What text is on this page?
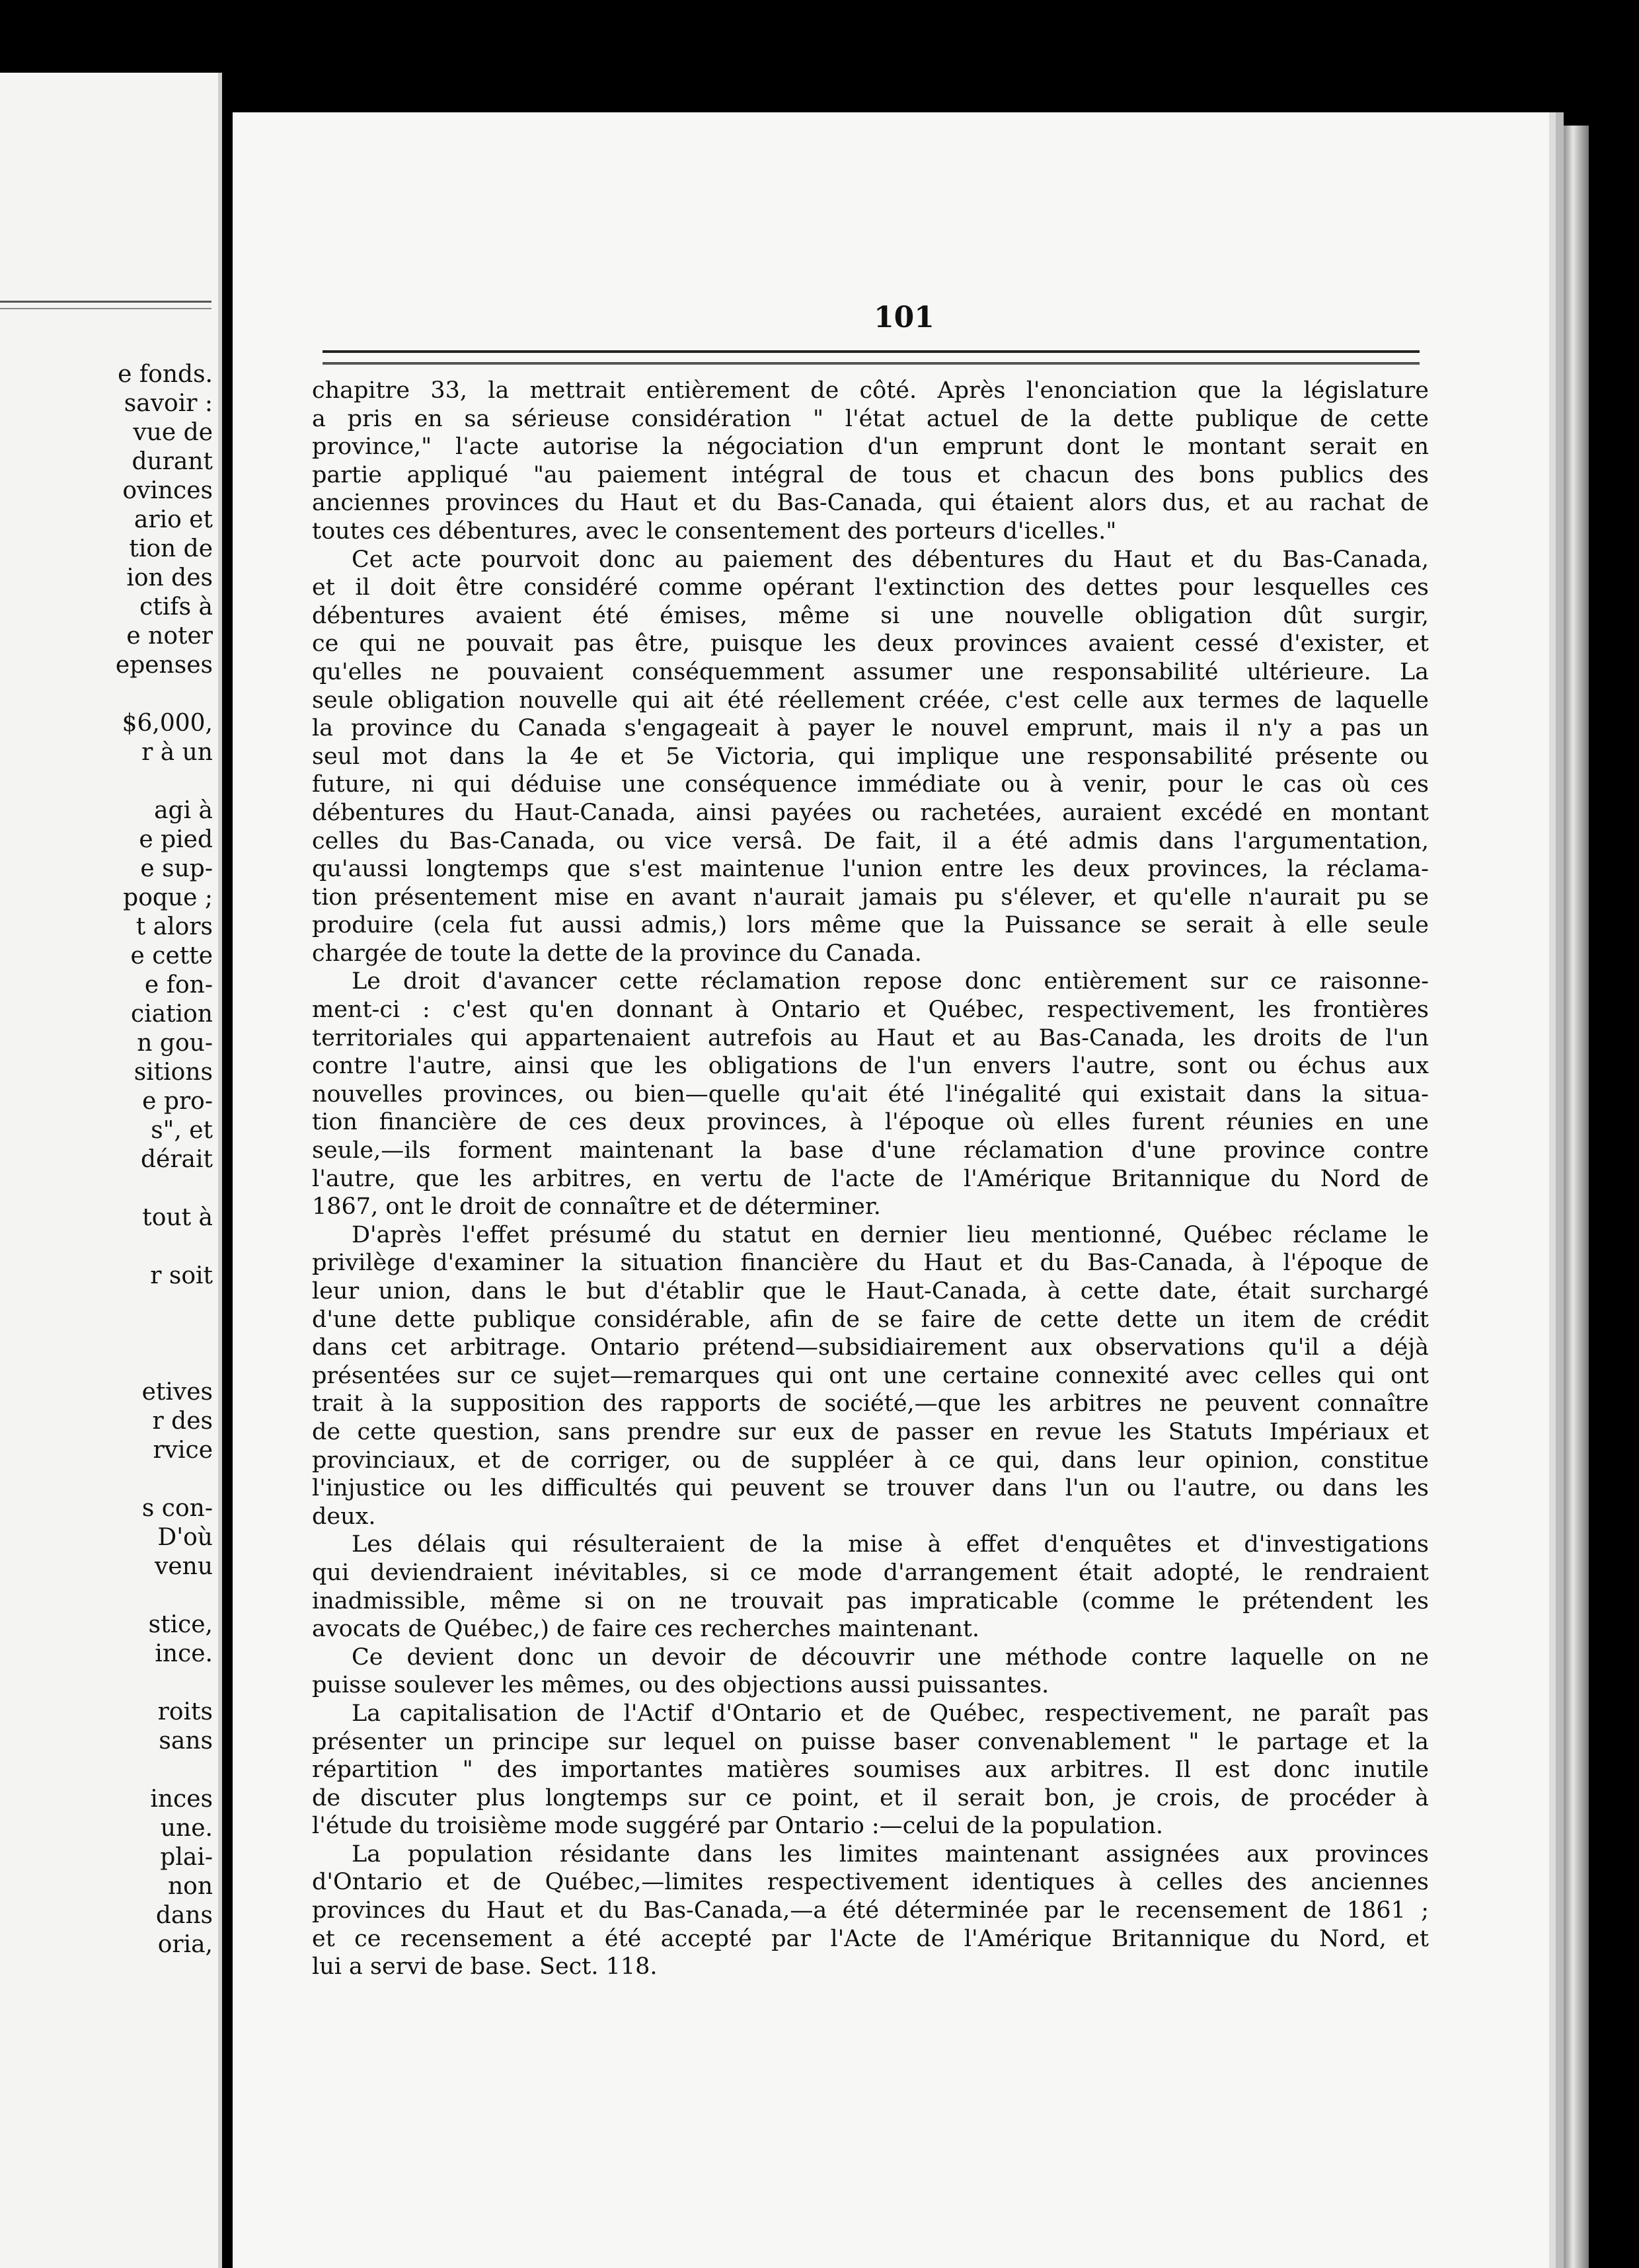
e fonds.
savoir :
vue de
durant
ovinces
ario et
tion de
ion des
ctifs à
e noter
epenses
$6,000,
r à un
agi à
e pied
e sup-
poque ;
t alors
e cette
e fon-
ciation
n gou-
sitions
e pro-
s", et
dérait
tout à
r soit
etives
r des
rvice
s con-
D'où
venu
stice,
ince.
roits
sans
inces
une.
plai-
non
dans
oria,
101

chapitre 33, la mettrait entièrement de côté. Après l'enonciation que la législature
a pris en sa sérieuse considération " l'état actuel de la dette publique de cette
province," l'acte autorise la négociation d'un emprunt dont le montant serait en
partie appliqué "au paiement intégral de tous et chacun des bons publics des
anciennes provinces du Haut et du Bas-Canada, qui étaient alors dus, et au rachat de
toutes ces débentures, avec le consentement des porteurs d'icelles."

Cet acte pourvoit donc au paiement des débentures du Haut et du Bas-Canada,
et il doit être considéré comme opérant l'extinction des dettes pour lesquelles ces
débentures avaient été émises, même si une nouvelle obligation dût surgir,
ce qui ne pouvait pas être, puisque les deux provinces avaient cessé d'exister, et
qu'elles ne pouvaient conséquemment assumer une responsabilité ultérieure. La
seule obligation nouvelle qui ait été réellement créée, c'est celle aux termes de laquelle
la province du Canada s'engageait à payer le nouvel emprunt, mais il n'y a pas un
seul mot dans la 4e et 5e Victoria, qui implique une responsabilité présente ou
future, ni qui déduise une conséquence immédiate ou à venir, pour le cas où ces
débentures du Haut-Canada, ainsi payées ou rachetées, auraient excédé en montant
celles du Bas-Canada, ou vice versâ. De fait, il a été admis dans l'argumentation,
qu'aussi longtemps que s'est maintenue l'union entre les deux provinces, la réclama-
tion présentement mise en avant n'aurait jamais pu s'élever, et qu'elle n'aurait pu se
produire (cela fut aussi admis,) lors même que la Puissance se serait à elle seule
chargée de toute la dette de la province du Canada.

Le droit d'avancer cette réclamation repose donc entièrement sur ce raisonne-
ment-ci : c'est qu'en donnant à Ontario et Québec, respectivement, les frontières
territoriales qui appartenaient autrefois au Haut et au Bas-Canada, les droits de l'un
contre l'autre, ainsi que les obligations de l'un envers l'autre, sont ou échus aux
nouvelles provinces, ou bien—quelle qu'ait été l'inégalité qui existait dans la situa-
tion financière de ces deux provinces, à l'époque où elles furent réunies en une
seule,—ils forment maintenant la base d'une réclamation d'une province contre
l'autre, que les arbitres, en vertu de l'acte de l'Amérique Britannique du Nord de
1867, ont le droit de connaître et de déterminer.

D'après l'effet présumé du statut en dernier lieu mentionné, Québec réclame le
privilège d'examiner la situation financière du Haut et du Bas-Canada, à l'époque de
leur union, dans le but d'établir que le Haut-Canada, à cette date, était surchargé
d'une dette publique considérable, afin de se faire de cette dette un item de crédit
dans cet arbitrage. Ontario prétend—subsidiairement aux observations qu'il a déjà
présentées sur ce sujet—remarques qui ont une certaine connexité avec celles qui ont
trait à la supposition des rapports de société,—que les arbitres ne peuvent connaître
de cette question, sans prendre sur eux de passer en revue les Statuts Impériaux et
provinciaux, et de corriger, ou de suppléer à ce qui, dans leur opinion, constitue
l'injustice ou les difficultés qui peuvent se trouver dans l'un ou l'autre, ou dans les
deux.

Les délais qui résulteraient de la mise à effet d'enquêtes et d'investigations
qui deviendraient inévitables, si ce mode d'arrangement était adopté, le rendraient
inadmissible, même si on ne trouvait pas impraticable (comme le prétendent les
avocats de Québec,) de faire ces recherches maintenant.

Ce devient donc un devoir de découvrir une méthode contre laquelle on ne
puisse soulever les mêmes, ou des objections aussi puissantes.

La capitalisation de l'Actif d'Ontario et de Québec, respectivement, ne paraît pas
présenter un principe sur lequel on puisse baser convenablement " le partage et la
répartition " des importantes matières soumises aux arbitres. Il est donc inutile
de discuter plus longtemps sur ce point, et il serait bon, je crois, de procéder à
l'étude du troisième mode suggéré par Ontario :—celui de la population.

La population résidante dans les limites maintenant assignées aux provinces
d'Ontario et de Québec,—limites respectivement identiques à celles des anciennes
provinces du Haut et du Bas-Canada,—a été déterminée par le recensement de 1861 ;
et ce recensement a été accepté par l'Acte de l'Amérique Britannique du Nord, et
lui a servi de base. Sect. 118.
